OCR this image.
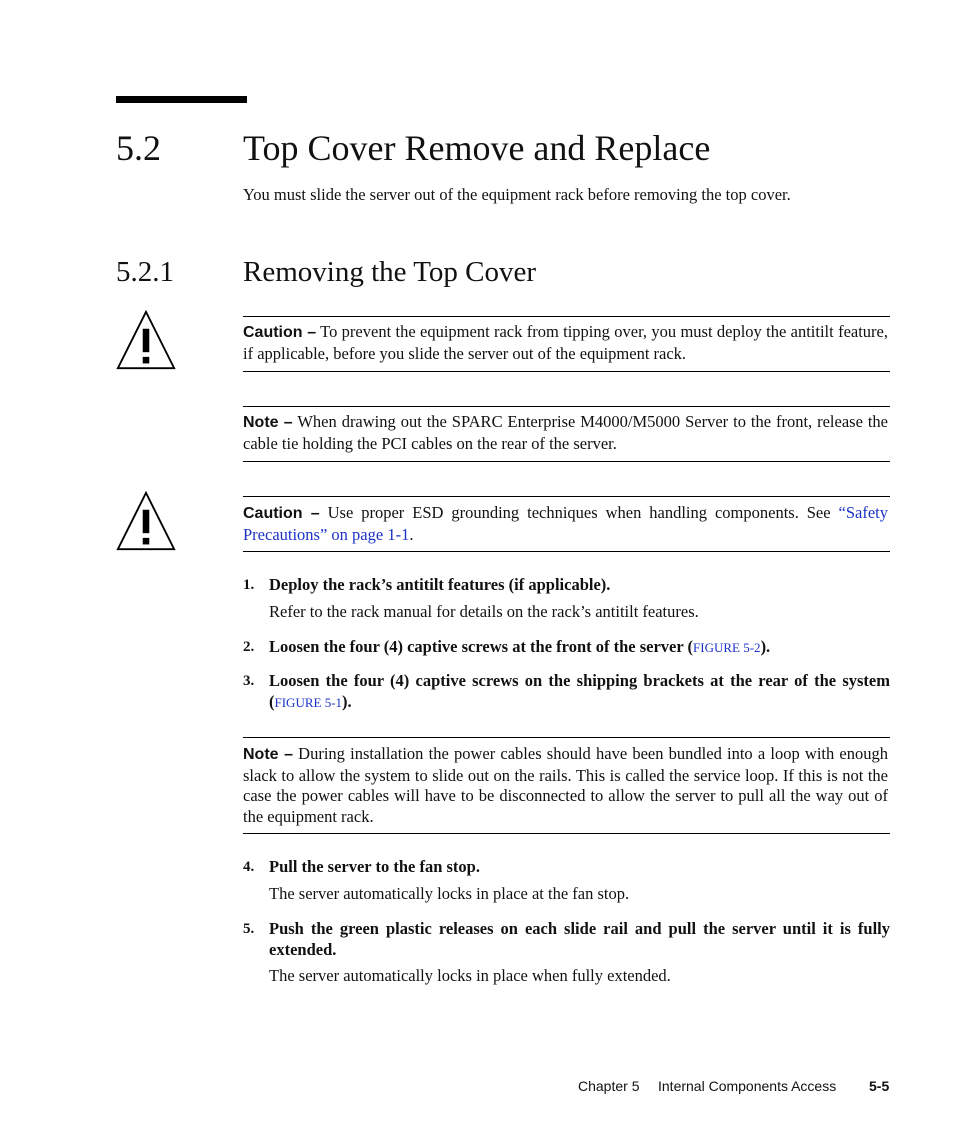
5.2 Top Cover Remove and Replace
You must slide the server out of the equipment rack before removing the top cover.
5.2.1 Removing the Top Cover
Caution – To prevent the equipment rack from tipping over, you must deploy the antitilt feature, if applicable, before you slide the server out of the equipment rack.
Note – When drawing out the SPARC Enterprise M4000/M5000 Server to the front, release the cable tie holding the PCI cables on the rear of the server.
Caution – Use proper ESD grounding techniques when handling components. See “Safety Precautions” on page 1-1.
1. Deploy the rack’s antitilt features (if applicable).
Refer to the rack manual for details on the rack’s antitilt features.
2. Loosen the four (4) captive screws at the front of the server (FIGURE 5-2).
3. Loosen the four (4) captive screws on the shipping brackets at the rear of the system (FIGURE 5-1).
Note – During installation the power cables should have been bundled into a loop with enough slack to allow the system to slide out on the rails. This is called the service loop. If this is not the case the power cables will have to be disconnected to allow the server to pull all the way out of the equipment rack.
4. Pull the server to the fan stop.
The server automatically locks in place at the fan stop.
5. Push the green plastic releases on each slide rail and pull the server until it is fully extended.
The server automatically locks in place when fully extended.
Chapter 5 Internal Components Access 5-5
